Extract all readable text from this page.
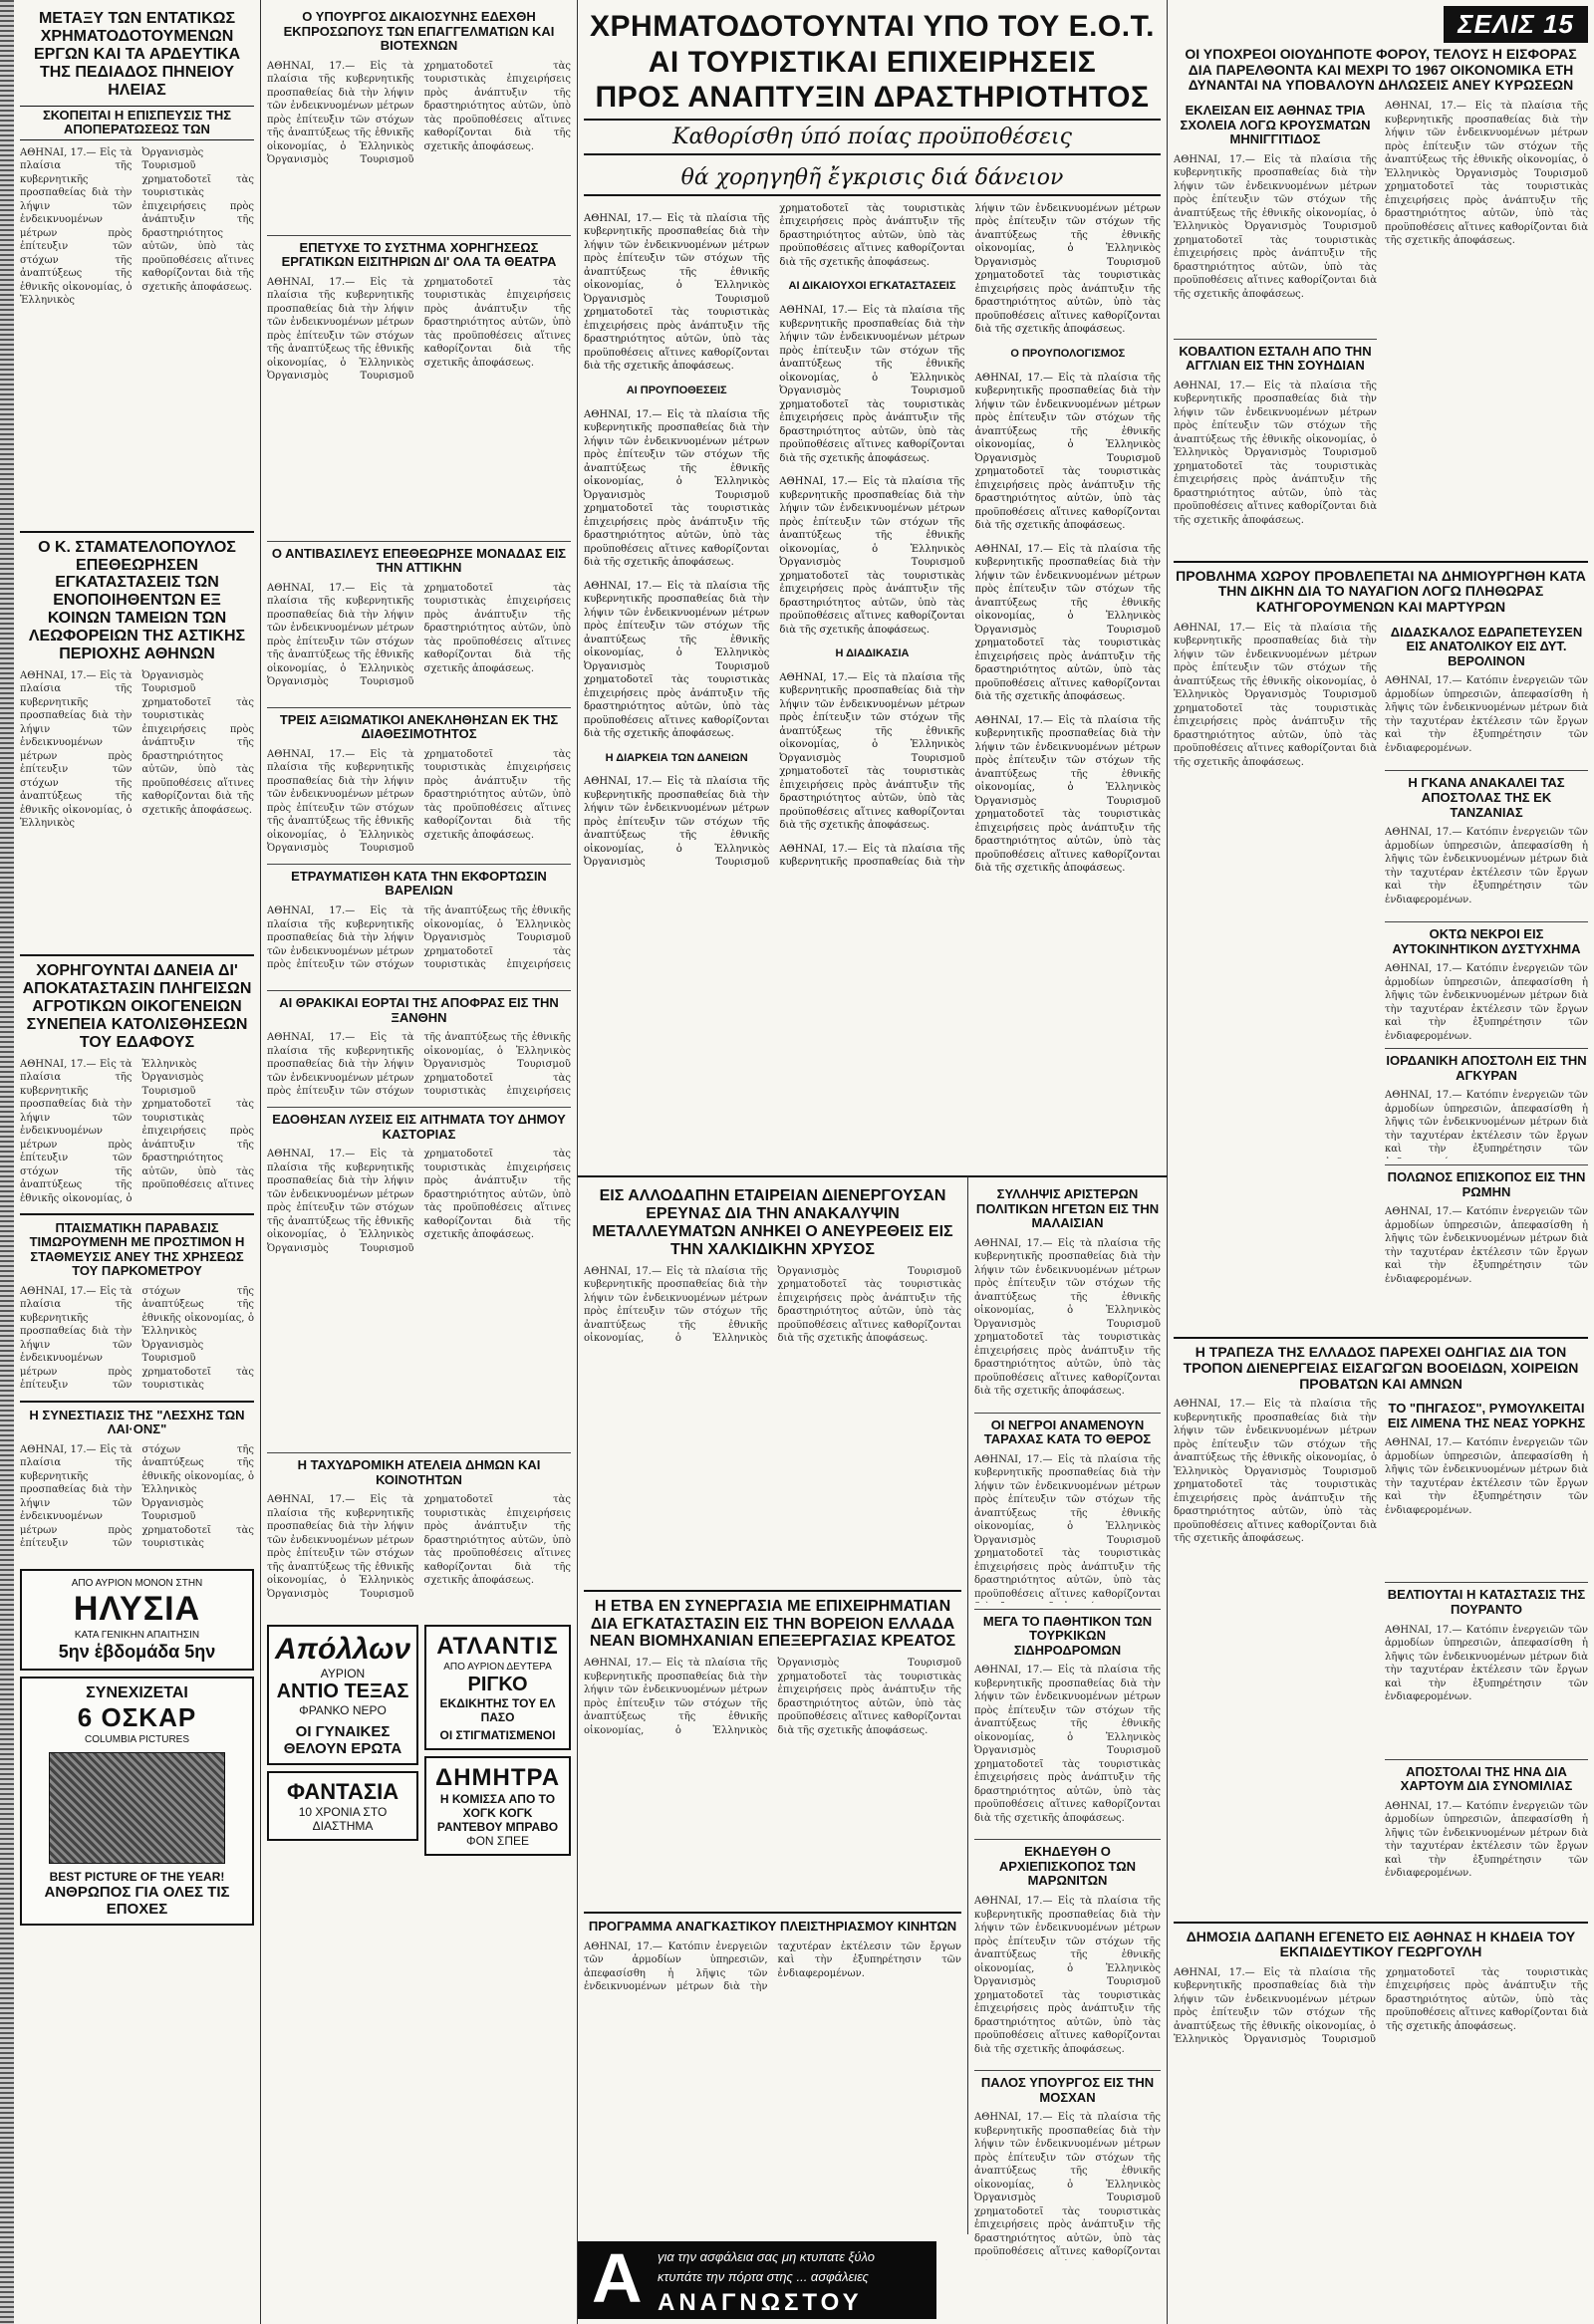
ΜΕΤΑΞΥ ΤΩΝ ΕΝΤΑΤΙΚΩΣ ΧΡΗΜΑΤΟΔΟΤΟΥΜΕΝΩΝ ΕΡΓΩΝ ΚΑΙ ΤΑ ΑΡΔΕΥΤΙΚΑ ΤΗΣ ΠΕΔΙΑΔΟΣ ΠΗΝΕΙΟΥ ΗΛΕΙΑΣ
ΣΚΟΠΕΙΤΑΙ Η ΕΠΙΣΠΕΥΣΙΣ ΤΗΣ ΑΠΟΠΕΡΑΤΩΣΕΩΣ ΤΩΝ

ΑΘΗΝΑΙ, 17.— Εἰς τὰ πλαίσια τῆς κυβερνητικῆς προσπαθείας διὰ τὴν λήψιν τῶν ἐνδεικνυομένων μέτρων πρὸς ἐπίτευξιν τῶν στόχων τῆς ἀναπτύξεως τῆς ἐθνικῆς οἰκονομίας, ὁ Ἑλληνικὸς Ὀργανισμὸς Τουρισμοῦ χρηματοδοτεῖ τὰς τουριστικὰς ἐπιχειρήσεις πρὸς ἀνάπτυξιν τῆς δραστηριότητος αὐτῶν, ὑπὸ τὰς προϋποθέσεις αἵτινες καθορίζονται διὰ τῆς σχετικῆς ἀποφάσεως.

Ο Κ. ΣΤΑΜΑΤΕΛΟΠΟΥΛΟΣ ΕΠΕΘΕΩΡΗΣΕΝ ΕΓΚΑΤΑΣΤΑΣΕΙΣ ΤΩΝ ΕΝΟΠΟΙΗΘΕΝΤΩΝ ΕΞ ΚΟΙΝΩΝ ΤΑΜΕΙΩΝ ΤΩΝ ΛΕΩΦΟΡΕΙΩΝ ΤΗΣ ΑΣΤΙΚΗΣ ΠΕΡΙΟΧΗΣ ΑΘΗΝΩΝ

ΑΘΗΝΑΙ, 17.— Εἰς τὰ πλαίσια τῆς κυβερνητικῆς προσπαθείας διὰ τὴν λήψιν τῶν ἐνδεικνυομένων μέτρων πρὸς ἐπίτευξιν τῶν στόχων τῆς ἀναπτύξεως τῆς ἐθνικῆς οἰκονομίας, ὁ Ἑλληνικὸς Ὀργανισμὸς Τουρισμοῦ χρηματοδοτεῖ τὰς τουριστικὰς ἐπιχειρήσεις πρὸς ἀνάπτυξιν τῆς δραστηριότητος αὐτῶν, ὑπὸ τὰς προϋποθέσεις αἵτινες καθορίζονται διὰ τῆς σχετικῆς ἀποφάσεως.

ΧΟΡΗΓΟΥΝΤΑΙ ΔΑΝΕΙΑ ΔΙ' ΑΠΟΚΑΤΑΣΤΑΣΙΝ ΠΛΗΓΕΙΣΩΝ ΑΓΡΟΤΙΚΩΝ ΟΙΚΟΓΕΝΕΙΩΝ ΣΥΝΕΠΕΙΑ ΚΑΤΟΛΙΣΘΗΣΕΩΝ ΤΟΥ ΕΔΑΦΟΥΣ

ΑΘΗΝΑΙ, 17.— Εἰς τὰ πλαίσια τῆς κυβερνητικῆς προσπαθείας διὰ τὴν λήψιν τῶν ἐνδεικνυομένων μέτρων πρὸς ἐπίτευξιν τῶν στόχων τῆς ἀναπτύξεως τῆς ἐθνικῆς οἰκονομίας, ὁ Ἑλληνικὸς Ὀργανισμὸς Τουρισμοῦ χρηματοδοτεῖ τὰς τουριστικὰς ἐπιχειρήσεις πρὸς ἀνάπτυξιν τῆς δραστηριότητος αὐτῶν, ὑπὸ τὰς προϋποθέσεις αἵτινες

ΠΤΑΙΣΜΑΤΙΚΗ ΠΑΡΑΒΑΣΙΣ ΤΙΜΩΡΟΥΜΕΝΗ ΜΕ ΠΡΟΣΤΙΜΟΝ Η ΣΤΑΘΜΕΥΣΙΣ ΑΝΕΥ ΤΗΣ ΧΡΗΣΕΩΣ ΤΟΥ ΠΑΡΚΟΜΕΤΡΟΥ

ΑΘΗΝΑΙ, 17.— Εἰς τὰ πλαίσια τῆς κυβερνητικῆς προσπαθείας διὰ τὴν λήψιν τῶν ἐνδεικνυομένων μέτρων πρὸς ἐπίτευξιν τῶν στόχων τῆς ἀναπτύξεως τῆς ἐθνικῆς οἰκονομίας, ὁ Ἑλληνικὸς Ὀργανισμὸς Τουρισμοῦ χρηματοδοτεῖ τὰς τουριστικὰς

Η ΣΥΝΕΣΤΙΑΣΙΣ ΤΗΣ "ΛΕΣΧΗΣ ΤΩΝ ΛΑΙ·ΟΝΣ"

ΑΘΗΝΑΙ, 17.— Εἰς τὰ πλαίσια τῆς κυβερνητικῆς προσπαθείας διὰ τὴν λήψιν τῶν ἐνδεικνυομένων μέτρων πρὸς ἐπίτευξιν τῶν στόχων τῆς ἀναπτύξεως τῆς ἐθνικῆς οἰκονομίας, ὁ Ἑλληνικὸς Ὀργανισμὸς Τουρισμοῦ χρηματοδοτεῖ τὰς τουριστικὰς

ΑΠΟ ΑΥΡΙΟΝ ΜΟΝΟΝ ΣΤΗΝ
ΗΛΥΣΙΑ
ΚΑΤΑ ΓΕΝΙΚΗΝ ΑΠΑΙΤΗΣΙΝ
5ην ἑβδομάδα 5ην
ΣΥΝΕΧΙΖΕΤΑΙ
6 ΟΣΚΑΡ
COLUMBIA PICTURES
BEST PICTURE OF THE YEAR!
ΑΝΘΡΩΠΟΣ ΓΙΑ ΟΛΕΣ ΤΙΣ ΕΠΟΧΕΣ
Ο ΥΠΟΥΡΓΟΣ ΔΙΚΑΙΟΣΥΝΗΣ ΕΔΕΧΘΗ ΕΚΠΡΟΣΩΠΟΥΣ ΤΩΝ ΕΠΑΓΓΕΛΜΑΤΙΩΝ ΚΑΙ ΒΙΟΤΕΧΝΩΝ

ΑΘΗΝΑΙ, 17.— Εἰς τὰ πλαίσια τῆς κυβερνητικῆς προσπαθείας διὰ τὴν λήψιν τῶν ἐνδεικνυομένων μέτρων πρὸς ἐπίτευξιν τῶν στόχων τῆς ἀναπτύξεως τῆς ἐθνικῆς οἰκονομίας, ὁ Ἑλληνικὸς Ὀργανισμὸς Τουρισμοῦ χρηματοδοτεῖ τὰς τουριστικὰς ἐπιχειρήσεις πρὸς ἀνάπτυξιν τῆς δραστηριότητος αὐτῶν, ὑπὸ τὰς προϋποθέσεις αἵτινες καθορίζονται διὰ τῆς σχετικῆς ἀποφάσεως.

ΕΠΕΤΥΧΕ ΤΟ ΣΥΣΤΗΜΑ ΧΟΡΗΓΗΣΕΩΣ ΕΡΓΑΤΙΚΩΝ ΕΙΣΙΤΗΡΙΩΝ ΔΙ' ΟΛΑ ΤΑ ΘΕΑΤΡΑ

ΑΘΗΝΑΙ, 17.— Εἰς τὰ πλαίσια τῆς κυβερνητικῆς προσπαθείας διὰ τὴν λήψιν τῶν ἐνδεικνυομένων μέτρων πρὸς ἐπίτευξιν τῶν στόχων τῆς ἀναπτύξεως τῆς ἐθνικῆς οἰκονομίας, ὁ Ἑλληνικὸς Ὀργανισμὸς Τουρισμοῦ χρηματοδοτεῖ τὰς τουριστικὰς ἐπιχειρήσεις πρὸς ἀνάπτυξιν τῆς δραστηριότητος αὐτῶν, ὑπὸ τὰς προϋποθέσεις αἵτινες καθορίζονται διὰ τῆς σχετικῆς ἀποφάσεως.

Ο ΑΝΤΙΒΑΣΙΛΕΥΣ ΕΠΕΘΕΩΡΗΣΕ ΜΟΝΑΔΑΣ ΕΙΣ ΤΗΝ ΑΤΤΙΚΗΝ

ΑΘΗΝΑΙ, 17.— Εἰς τὰ πλαίσια τῆς κυβερνητικῆς προσπαθείας διὰ τὴν λήψιν τῶν ἐνδεικνυομένων μέτρων πρὸς ἐπίτευξιν τῶν στόχων τῆς ἀναπτύξεως τῆς ἐθνικῆς οἰκονομίας, ὁ Ἑλληνικὸς Ὀργανισμὸς Τουρισμοῦ χρηματοδοτεῖ τὰς τουριστικὰς ἐπιχειρήσεις πρὸς ἀνάπτυξιν τῆς δραστηριότητος αὐτῶν, ὑπὸ τὰς προϋποθέσεις αἵτινες καθορίζονται διὰ τῆς σχετικῆς ἀποφάσεως.

ΤΡΕΙΣ ΑΞΙΩΜΑΤΙΚΟΙ ΑΝΕΚΛΗΘΗΣΑΝ ΕΚ ΤΗΣ ΔΙΑΘΕΣΙΜΟΤΗΤΟΣ

ΑΘΗΝΑΙ, 17.— Εἰς τὰ πλαίσια τῆς κυβερνητικῆς προσπαθείας διὰ τὴν λήψιν τῶν ἐνδεικνυομένων μέτρων πρὸς ἐπίτευξιν τῶν στόχων τῆς ἀναπτύξεως τῆς ἐθνικῆς οἰκονομίας, ὁ Ἑλληνικὸς Ὀργανισμὸς Τουρισμοῦ χρηματοδοτεῖ τὰς τουριστικὰς ἐπιχειρήσεις πρὸς ἀνάπτυξιν τῆς δραστηριότητος αὐτῶν, ὑπὸ τὰς προϋποθέσεις αἵτινες καθορίζονται διὰ τῆς σχετικῆς ἀποφάσεως.

ΕΤΡΑΥΜΑΤΙΣΘΗ ΚΑΤΑ ΤΗΝ ΕΚΦΟΡΤΩΣΙΝ ΒΑΡΕΛΙΩΝ

ΑΘΗΝΑΙ, 17.— Εἰς τὰ πλαίσια τῆς κυβερνητικῆς προσπαθείας διὰ τὴν λήψιν τῶν ἐνδεικνυομένων μέτρων πρὸς ἐπίτευξιν τῶν στόχων τῆς ἀναπτύξεως τῆς ἐθνικῆς οἰκονομίας, ὁ Ἑλληνικὸς Ὀργανισμὸς Τουρισμοῦ χρηματοδοτεῖ τὰς τουριστικὰς ἐπιχειρήσεις

ΑΙ ΘΡΑΚΙΚΑΙ ΕΟΡΤΑΙ ΤΗΣ ΑΠΟΦΡΑΣ ΕΙΣ ΤΗΝ ΞΑΝΘΗΝ

ΑΘΗΝΑΙ, 17.— Εἰς τὰ πλαίσια τῆς κυβερνητικῆς προσπαθείας διὰ τὴν λήψιν τῶν ἐνδεικνυομένων μέτρων πρὸς ἐπίτευξιν τῶν στόχων τῆς ἀναπτύξεως τῆς ἐθνικῆς οἰκονομίας, ὁ Ἑλληνικὸς Ὀργανισμὸς Τουρισμοῦ χρηματοδοτεῖ τὰς τουριστικὰς ἐπιχειρήσεις

ΕΔΟΘΗΣΑΝ ΛΥΣΕΙΣ ΕΙΣ ΑΙΤΗΜΑΤΑ ΤΟΥ ΔΗΜΟΥ ΚΑΣΤΟΡΙΑΣ

ΑΘΗΝΑΙ, 17.— Εἰς τὰ πλαίσια τῆς κυβερνητικῆς προσπαθείας διὰ τὴν λήψιν τῶν ἐνδεικνυομένων μέτρων πρὸς ἐπίτευξιν τῶν στόχων τῆς ἀναπτύξεως τῆς ἐθνικῆς οἰκονομίας, ὁ Ἑλληνικὸς Ὀργανισμὸς Τουρισμοῦ χρηματοδοτεῖ τὰς τουριστικὰς ἐπιχειρήσεις πρὸς ἀνάπτυξιν τῆς δραστηριότητος αὐτῶν, ὑπὸ τὰς προϋποθέσεις αἵτινες καθορίζονται διὰ τῆς σχετικῆς ἀποφάσεως.

Η ΤΑΧΥΔΡΟΜΙΚΗ ΑΤΕΛΕΙΑ ΔΗΜΩΝ ΚΑΙ ΚΟΙΝΟΤΗΤΩΝ

ΑΘΗΝΑΙ, 17.— Εἰς τὰ πλαίσια τῆς κυβερνητικῆς προσπαθείας διὰ τὴν λήψιν τῶν ἐνδεικνυομένων μέτρων πρὸς ἐπίτευξιν τῶν στόχων τῆς ἀναπτύξεως τῆς ἐθνικῆς οἰκονομίας, ὁ Ἑλληνικὸς Ὀργανισμὸς Τουρισμοῦ χρηματοδοτεῖ τὰς τουριστικὰς ἐπιχειρήσεις πρὸς ἀνάπτυξιν τῆς δραστηριότητος αὐτῶν, ὑπὸ τὰς προϋποθέσεις αἵτινες καθορίζονται διὰ τῆς σχετικῆς ἀποφάσεως.

Απόλλων
ΑΥΡΙΟΝ
ΑΝΤΙΟ ΤΕΞΑΣ
ΦΡΑΝΚΟ ΝΕΡΟ
ΟΙ ΓΥΝΑΙΚΕΣ ΘΕΛΟΥΝ ΕΡΩΤΑ
ΦΑΝΤΑΣΙΑ
10 ΧΡΟΝΙΑ ΣΤΟ ΔΙΑΣΤΗΜΑ
ΑΤΛΑΝΤΙΣ
ΑΠΟ ΑΥΡΙΟΝ ΔΕΥΤΕΡΑ
ΡΙΓΚΟ
ΕΚΔΙΚΗΤΗΣ ΤΟΥ ΕΛ ΠΑΣΟ
ΟΙ ΣΤΙΓΜΑΤΙΣΜΕΝΟΙ
ΔΗΜΗΤΡΑ
Η ΚΟΜΙΣΣΑ ΑΠΟ ΤΟ ΧΟΓΚ ΚΟΓΚ
ΡΑΝΤΕΒΟΥ ΜΠΡΑΒΟ
ΦΟΝ ΣΠΕΕ
ΧΡΗΜΑΤΟΔΟΤΟΥΝΤΑΙ ΥΠΟ ΤΟΥ Ε.Ο.Τ.
ΑΙ ΤΟΥΡΙΣΤΙΚΑΙ ΕΠΙΧΕΙΡΗΣΕΙΣ
ΠΡΟΣ ΑΝΑΠΤΥΞΙΝ ΔΡΑΣΤΗΡΙΟΤΗΤΟΣ
Καθορίσθη ύπό ποίας προϋποθέσεις
θά χορηγηθῆ ἔγκρισις διά δάνειον

ΑΘΗΝΑΙ, 17.— Εἰς τὰ πλαίσια τῆς κυβερνητικῆς προσπαθείας διὰ τὴν λήψιν τῶν ἐνδεικνυομένων μέτρων πρὸς ἐπίτευξιν τῶν στόχων τῆς ἀναπτύξεως τῆς ἐθνικῆς οἰκονομίας, ὁ Ἑλληνικὸς Ὀργανισμὸς Τουρισμοῦ χρηματοδοτεῖ τὰς τουριστικὰς ἐπιχειρήσεις πρὸς ἀνάπτυξιν τῆς δραστηριότητος αὐτῶν, ὑπὸ τὰς προϋποθέσεις αἵτινες καθορίζονται διὰ τῆς σχετικῆς ἀποφάσεως.

ΑΙ ΠΡΟΥΠΟΘΕΣΕΙΣ

ΑΘΗΝΑΙ, 17.— Εἰς τὰ πλαίσια τῆς κυβερνητικῆς προσπαθείας διὰ τὴν λήψιν τῶν ἐνδεικνυομένων μέτρων πρὸς ἐπίτευξιν τῶν στόχων τῆς ἀναπτύξεως τῆς ἐθνικῆς οἰκονομίας, ὁ Ἑλληνικὸς Ὀργανισμὸς Τουρισμοῦ χρηματοδοτεῖ τὰς τουριστικὰς ἐπιχειρήσεις πρὸς ἀνάπτυξιν τῆς δραστηριότητος αὐτῶν, ὑπὸ τὰς προϋποθέσεις αἵτινες καθορίζονται διὰ τῆς σχετικῆς ἀποφάσεως.

ΑΘΗΝΑΙ, 17.— Εἰς τὰ πλαίσια τῆς κυβερνητικῆς προσπαθείας διὰ τὴν λήψιν τῶν ἐνδεικνυομένων μέτρων πρὸς ἐπίτευξιν τῶν στόχων τῆς ἀναπτύξεως τῆς ἐθνικῆς οἰκονομίας, ὁ Ἑλληνικὸς Ὀργανισμὸς Τουρισμοῦ χρηματοδοτεῖ τὰς τουριστικὰς ἐπιχειρήσεις πρὸς ἀνάπτυξιν τῆς δραστηριότητος αὐτῶν, ὑπὸ τὰς προϋποθέσεις αἵτινες καθορίζονται διὰ τῆς σχετικῆς ἀποφάσεως.

Η ΔΙΑΡΚΕΙΑ ΤΩΝ ΔΑΝΕΙΩΝ

ΑΘΗΝΑΙ, 17.— Εἰς τὰ πλαίσια τῆς κυβερνητικῆς προσπαθείας διὰ τὴν λήψιν τῶν ἐνδεικνυομένων μέτρων πρὸς ἐπίτευξιν τῶν στόχων τῆς ἀναπτύξεως τῆς ἐθνικῆς οἰκονομίας, ὁ Ἑλληνικὸς Ὀργανισμὸς Τουρισμοῦ χρηματοδοτεῖ τὰς τουριστικὰς ἐπιχειρήσεις πρὸς ἀνάπτυξιν τῆς δραστηριότητος αὐτῶν, ὑπὸ τὰς προϋποθέσεις αἵτινες καθορίζονται διὰ τῆς σχετικῆς ἀποφάσεως.

ΑΙ ΔΙΚΑΙΟΥΧΟΙ ΕΓΚΑΤΑΣΤΑΣΕΙΣ

ΑΘΗΝΑΙ, 17.— Εἰς τὰ πλαίσια τῆς κυβερνητικῆς προσπαθείας διὰ τὴν λήψιν τῶν ἐνδεικνυομένων μέτρων πρὸς ἐπίτευξιν τῶν στόχων τῆς ἀναπτύξεως τῆς ἐθνικῆς οἰκονομίας, ὁ Ἑλληνικὸς Ὀργανισμὸς Τουρισμοῦ χρηματοδοτεῖ τὰς τουριστικὰς ἐπιχειρήσεις πρὸς ἀνάπτυξιν τῆς δραστηριότητος αὐτῶν, ὑπὸ τὰς προϋποθέσεις αἵτινες καθορίζονται διὰ τῆς σχετικῆς ἀποφάσεως.

ΑΘΗΝΑΙ, 17.— Εἰς τὰ πλαίσια τῆς κυβερνητικῆς προσπαθείας διὰ τὴν λήψιν τῶν ἐνδεικνυομένων μέτρων πρὸς ἐπίτευξιν τῶν στόχων τῆς ἀναπτύξεως τῆς ἐθνικῆς οἰκονομίας, ὁ Ἑλληνικὸς Ὀργανισμὸς Τουρισμοῦ χρηματοδοτεῖ τὰς τουριστικὰς ἐπιχειρήσεις πρὸς ἀνάπτυξιν τῆς δραστηριότητος αὐτῶν, ὑπὸ τὰς προϋποθέσεις αἵτινες καθορίζονται διὰ τῆς σχετικῆς ἀποφάσεως.

Η ΔΙΑΔΙΚΑΣΙΑ

ΑΘΗΝΑΙ, 17.— Εἰς τὰ πλαίσια τῆς κυβερνητικῆς προσπαθείας διὰ τὴν λήψιν τῶν ἐνδεικνυομένων μέτρων πρὸς ἐπίτευξιν τῶν στόχων τῆς ἀναπτύξεως τῆς ἐθνικῆς οἰκονομίας, ὁ Ἑλληνικὸς Ὀργανισμὸς Τουρισμοῦ χρηματοδοτεῖ τὰς τουριστικὰς ἐπιχειρήσεις πρὸς ἀνάπτυξιν τῆς δραστηριότητος αὐτῶν, ὑπὸ τὰς προϋποθέσεις αἵτινες καθορίζονται διὰ τῆς σχετικῆς ἀποφάσεως.

ΑΘΗΝΑΙ, 17.— Εἰς τὰ πλαίσια τῆς κυβερνητικῆς προσπαθείας διὰ τὴν λήψιν τῶν ἐνδεικνυομένων μέτρων πρὸς ἐπίτευξιν τῶν στόχων τῆς ἀναπτύξεως τῆς ἐθνικῆς οἰκονομίας, ὁ Ἑλληνικὸς Ὀργανισμὸς Τουρισμοῦ χρηματοδοτεῖ τὰς τουριστικὰς ἐπιχειρήσεις πρὸς ἀνάπτυξιν τῆς δραστηριότητος αὐτῶν, ὑπὸ τὰς προϋποθέσεις αἵτινες καθορίζονται διὰ τῆς σχετικῆς ἀποφάσεως.

Ο ΠΡΟΥΠΟΛΟΓΙΣΜΟΣ

ΑΘΗΝΑΙ, 17.— Εἰς τὰ πλαίσια τῆς κυβερνητικῆς προσπαθείας διὰ τὴν λήψιν τῶν ἐνδεικνυομένων μέτρων πρὸς ἐπίτευξιν τῶν στόχων τῆς ἀναπτύξεως τῆς ἐθνικῆς οἰκονομίας, ὁ Ἑλληνικὸς Ὀργανισμὸς Τουρισμοῦ χρηματοδοτεῖ τὰς τουριστικὰς ἐπιχειρήσεις πρὸς ἀνάπτυξιν τῆς δραστηριότητος αὐτῶν, ὑπὸ τὰς προϋποθέσεις αἵτινες καθορίζονται διὰ τῆς σχετικῆς ἀποφάσεως.

ΑΘΗΝΑΙ, 17.— Εἰς τὰ πλαίσια τῆς κυβερνητικῆς προσπαθείας διὰ τὴν λήψιν τῶν ἐνδεικνυομένων μέτρων πρὸς ἐπίτευξιν τῶν στόχων τῆς ἀναπτύξεως τῆς ἐθνικῆς οἰκονομίας, ὁ Ἑλληνικὸς Ὀργανισμὸς Τουρισμοῦ χρηματοδοτεῖ τὰς τουριστικὰς ἐπιχειρήσεις πρὸς ἀνάπτυξιν τῆς δραστηριότητος αὐτῶν, ὑπὸ τὰς προϋποθέσεις αἵτινες καθορίζονται διὰ τῆς σχετικῆς ἀποφάσεως.

ΑΘΗΝΑΙ, 17.— Εἰς τὰ πλαίσια τῆς κυβερνητικῆς προσπαθείας διὰ τὴν λήψιν τῶν ἐνδεικνυομένων μέτρων πρὸς ἐπίτευξιν τῶν στόχων τῆς ἀναπτύξεως τῆς ἐθνικῆς οἰκονομίας, ὁ Ἑλληνικὸς Ὀργανισμὸς Τουρισμοῦ χρηματοδοτεῖ τὰς τουριστικὰς ἐπιχειρήσεις πρὸς ἀνάπτυξιν τῆς δραστηριότητος αὐτῶν, ὑπὸ τὰς προϋποθέσεις αἵτινες καθορίζονται διὰ τῆς σχετικῆς ἀποφάσεως.

ΕΙΣ ΑΛΛΟΔΑΠΗΝ ΕΤΑΙΡΕΙΑΝ ΔΙΕΝΕΡΓΟΥΣΑΝ ΕΡΕΥΝΑΣ ΔΙΑ ΤΗΝ ΑΝΑΚΑΛΥΨΙΝ ΜΕΤΑΛΛΕΥΜΑΤΩΝ ΑΝΗΚΕΙ Ο ΑΝΕΥΡΕΘΕΙΣ ΕΙΣ ΤΗΝ ΧΑΛΚΙΔΙΚΗΝ ΧΡΥΣΟΣ

ΑΘΗΝΑΙ, 17.— Εἰς τὰ πλαίσια τῆς κυβερνητικῆς προσπαθείας διὰ τὴν λήψιν τῶν ἐνδεικνυομένων μέτρων πρὸς ἐπίτευξιν τῶν στόχων τῆς ἀναπτύξεως τῆς ἐθνικῆς οἰκονομίας, ὁ Ἑλληνικὸς Ὀργανισμὸς Τουρισμοῦ χρηματοδοτεῖ τὰς τουριστικὰς ἐπιχειρήσεις πρὸς ἀνάπτυξιν τῆς δραστηριότητος αὐτῶν, ὑπὸ τὰς προϋποθέσεις αἵτινες καθορίζονται διὰ τῆς σχετικῆς ἀποφάσεως.

Η ΕΤΒΑ ΕΝ ΣΥΝΕΡΓΑΣΙΑ ΜΕ ΕΠΙΧΕΙΡΗΜΑΤΙΑΝ ΔΙΑ ΕΓΚΑΤΑΣΤΑΣΙΝ ΕΙΣ ΤΗΝ ΒΟΡΕΙΟΝ ΕΛΛΑΔΑ ΝΕΑΝ ΒΙΟΜΗΧΑΝΙΑΝ ΕΠΕΞΕΡΓΑΣΙΑΣ ΚΡΕΑΤΟΣ

ΑΘΗΝΑΙ, 17.— Εἰς τὰ πλαίσια τῆς κυβερνητικῆς προσπαθείας διὰ τὴν λήψιν τῶν ἐνδεικνυομένων μέτρων πρὸς ἐπίτευξιν τῶν στόχων τῆς ἀναπτύξεως τῆς ἐθνικῆς οἰκονομίας, ὁ Ἑλληνικὸς Ὀργανισμὸς Τουρισμοῦ χρηματοδοτεῖ τὰς τουριστικὰς ἐπιχειρήσεις πρὸς ἀνάπτυξιν τῆς δραστηριότητος αὐτῶν, ὑπὸ τὰς προϋποθέσεις αἵτινες καθορίζονται διὰ τῆς σχετικῆς ἀποφάσεως.

ΠΡΟΓΡΑΜΜΑ ΑΝΑΓΚΑΣΤΙΚΟΥ ΠΛΕΙΣΤΗΡΙΑΣΜΟΥ ΚΙΝΗΤΩΝ

ΑΘΗΝΑΙ, 17.— Κατόπιν ἐνεργειῶν τῶν ἁρμοδίων ὑπηρεσιῶν, ἀπεφασίσθη ἡ λῆψις τῶν ἐνδεικνυομένων μέτρων διὰ τὴν ταχυτέραν ἐκτέλεσιν τῶν ἔργων καὶ τὴν ἐξυπηρέτησιν τῶν ἐνδιαφερομένων.

ΣΥΛΛΗΨΙΣ ΑΡΙΣΤΕΡΩΝ ΠΟΛΙΤΙΚΩΝ ΗΓΕΤΩΝ ΕΙΣ ΤΗΝ ΜΑΛΑΙΣΙΑΝ

ΑΘΗΝΑΙ, 17.— Εἰς τὰ πλαίσια τῆς κυβερνητικῆς προσπαθείας διὰ τὴν λήψιν τῶν ἐνδεικνυομένων μέτρων πρὸς ἐπίτευξιν τῶν στόχων τῆς ἀναπτύξεως τῆς ἐθνικῆς οἰκονομίας, ὁ Ἑλληνικὸς Ὀργανισμὸς Τουρισμοῦ χρηματοδοτεῖ τὰς τουριστικὰς ἐπιχειρήσεις πρὸς ἀνάπτυξιν τῆς δραστηριότητος αὐτῶν, ὑπὸ τὰς προϋποθέσεις αἵτινες καθορίζονται διὰ τῆς σχετικῆς ἀποφάσεως.

ΟΙ ΝΕΓΡΟΙ ΑΝΑΜΕΝΟΥΝ ΤΑΡΑΧΑΣ ΚΑΤΑ ΤΟ ΘΕΡΟΣ

ΑΘΗΝΑΙ, 17.— Εἰς τὰ πλαίσια τῆς κυβερνητικῆς προσπαθείας διὰ τὴν λήψιν τῶν ἐνδεικνυομένων μέτρων πρὸς ἐπίτευξιν τῶν στόχων τῆς ἀναπτύξεως τῆς ἐθνικῆς οἰκονομίας, ὁ Ἑλληνικὸς Ὀργανισμὸς Τουρισμοῦ χρηματοδοτεῖ τὰς τουριστικὰς ἐπιχειρήσεις πρὸς ἀνάπτυξιν τῆς δραστηριότητος αὐτῶν, ὑπὸ τὰς προϋποθέσεις αἵτινες καθορίζονται

ΜΕΓΑ ΤΟ ΠΑΘΗΤΙΚΟΝ ΤΩΝ ΤΟΥΡΚΙΚΩΝ ΣΙΔΗΡΟΔΡΟΜΩΝ

ΑΘΗΝΑΙ, 17.— Εἰς τὰ πλαίσια τῆς κυβερνητικῆς προσπαθείας διὰ τὴν λήψιν τῶν ἐνδεικνυομένων μέτρων πρὸς ἐπίτευξιν τῶν στόχων τῆς ἀναπτύξεως τῆς ἐθνικῆς οἰκονομίας, ὁ Ἑλληνικὸς Ὀργανισμὸς Τουρισμοῦ χρηματοδοτεῖ τὰς τουριστικὰς ἐπιχειρήσεις πρὸς ἀνάπτυξιν τῆς δραστηριότητος αὐτῶν, ὑπὸ τὰς προϋποθέσεις αἵτινες καθορίζονται διὰ τῆς σχετικῆς ἀποφάσεως.

ΕΚΗΔΕΥΘΗ Ο ΑΡΧΙΕΠΙΣΚΟΠΟΣ ΤΩΝ ΜΑΡΩΝΙΤΩΝ

ΑΘΗΝΑΙ, 17.— Εἰς τὰ πλαίσια τῆς κυβερνητικῆς προσπαθείας διὰ τὴν λήψιν τῶν ἐνδεικνυομένων μέτρων πρὸς ἐπίτευξιν τῶν στόχων τῆς ἀναπτύξεως τῆς ἐθνικῆς οἰκονομίας, ὁ Ἑλληνικὸς Ὀργανισμὸς Τουρισμοῦ χρηματοδοτεῖ τὰς τουριστικὰς ἐπιχειρήσεις πρὸς ἀνάπτυξιν τῆς δραστηριότητος αὐτῶν, ὑπὸ τὰς προϋποθέσεις αἵτινες καθορίζονται διὰ τῆς σχετικῆς ἀποφάσεως.

ΠΑΛΟΣ ΥΠΟΥΡΓΟΣ ΕΙΣ ΤΗΝ ΜΟΣΧΑΝ

ΑΘΗΝΑΙ, 17.— Εἰς τὰ πλαίσια τῆς κυβερνητικῆς προσπαθείας διὰ τὴν λήψιν τῶν ἐνδεικνυομένων μέτρων πρὸς ἐπίτευξιν τῶν στόχων τῆς ἀναπτύξεως τῆς ἐθνικῆς οἰκονομίας, ὁ Ἑλληνικὸς Ὀργανισμὸς Τουρισμοῦ χρηματοδοτεῖ τὰς τουριστικὰς ἐπιχειρήσεις πρὸς ἀνάπτυξιν τῆς δραστηριότητος αὐτῶν, ὑπὸ τὰς προϋποθέσεις αἵτινες καθορίζονται

A για την ασφάλεια σας μη κτυπατε ξύλο
κτυπάτε την πόρτα στης ... ασφάλειες
ΑΝΑΓΝΩΣΤΟΥ
ΣΕΛΙΣ 15
ΟΙ ΥΠΟΧΡΕΟΙ ΟΙΟΥΔΗΠΟΤΕ ΦΟΡΟΥ, ΤΕΛΟΥΣ Η ΕΙΣΦΟΡΑΣ ΔΙΑ ΠΑΡΕΛΘΟΝΤΑ ΚΑΙ ΜΕΧΡΙ ΤΟ 1967 ΟΙΚΟΝΟΜΙΚΑ ΕΤΗ ΔΥΝΑΝΤΑΙ ΝΑ ΥΠΟΒΑΛΟΥΝ ΔΗΛΩΣΕΙΣ ΑΝΕΥ ΚΥΡΩΣΕΩΝ
ΕΚΛΕΙΣΑΝ ΕΙΣ ΑΘΗΝΑΣ ΤΡΙΑ ΣΧΟΛΕΙΑ ΛΟΓΩ ΚΡΟΥΣΜΑΤΩΝ ΜΗΝΙΓΓΙΤΙΔΟΣ

ΑΘΗΝΑΙ, 17.— Εἰς τὰ πλαίσια τῆς κυβερνητικῆς προσπαθείας διὰ τὴν λήψιν τῶν ἐνδεικνυομένων μέτρων πρὸς ἐπίτευξιν τῶν στόχων τῆς ἀναπτύξεως τῆς ἐθνικῆς οἰκονομίας, ὁ Ἑλληνικὸς Ὀργανισμὸς Τουρισμοῦ χρηματοδοτεῖ τὰς τουριστικὰς ἐπιχειρήσεις πρὸς ἀνάπτυξιν τῆς δραστηριότητος αὐτῶν, ὑπὸ τὰς προϋποθέσεις αἵτινες καθορίζονται διὰ τῆς σχετικῆς ἀποφάσεως.

ΚΟΒΑΛΤΙΟΝ ΕΣΤΑΛΗ ΑΠΟ ΤΗΝ ΑΓΓΛΙΑΝ ΕΙΣ ΤΗΝ ΣΟΥΗΔΙΑΝ

ΑΘΗΝΑΙ, 17.— Εἰς τὰ πλαίσια τῆς κυβερνητικῆς προσπαθείας διὰ τὴν λήψιν τῶν ἐνδεικνυομένων μέτρων πρὸς ἐπίτευξιν τῶν στόχων τῆς ἀναπτύξεως τῆς ἐθνικῆς οἰκονομίας, ὁ Ἑλληνικὸς Ὀργανισμὸς Τουρισμοῦ χρηματοδοτεῖ τὰς τουριστικὰς ἐπιχειρήσεις πρὸς ἀνάπτυξιν τῆς δραστηριότητος αὐτῶν, ὑπὸ τὰς προϋποθέσεις αἵτινες καθορίζονται διὰ τῆς σχετικῆς ἀποφάσεως.

ΑΘΗΝΑΙ, 17.— Εἰς τὰ πλαίσια τῆς κυβερνητικῆς προσπαθείας διὰ τὴν λήψιν τῶν ἐνδεικνυομένων μέτρων πρὸς ἐπίτευξιν τῶν στόχων τῆς ἀναπτύξεως τῆς ἐθνικῆς οἰκονομίας, ὁ Ἑλληνικὸς Ὀργανισμὸς Τουρισμοῦ χρηματοδοτεῖ τὰς τουριστικὰς ἐπιχειρήσεις πρὸς ἀνάπτυξιν τῆς δραστηριότητος αὐτῶν, ὑπὸ τὰς προϋποθέσεις αἵτινες καθορίζονται διὰ τῆς σχετικῆς ἀποφάσεως.

ΠΡΟΒΛΗΜΑ ΧΩΡΟΥ ΠΡΟΒΛΕΠΕΤΑΙ ΝΑ ΔΗΜΙΟΥΡΓΗΘΗ ΚΑΤΑ ΤΗΝ ΔΙΚΗΝ ΔΙΑ ΤΟ ΝΑΥΑΓΙΟΝ ΛΟΓΩ ΠΛΗΘΩΡΑΣ ΚΑΤΗΓΟΡΟΥΜΕΝΩΝ ΚΑΙ ΜΑΡΤΥΡΩΝ

ΑΘΗΝΑΙ, 17.— Εἰς τὰ πλαίσια τῆς κυβερνητικῆς προσπαθείας διὰ τὴν λήψιν τῶν ἐνδεικνυομένων μέτρων πρὸς ἐπίτευξιν τῶν στόχων τῆς ἀναπτύξεως τῆς ἐθνικῆς οἰκονομίας, ὁ Ἑλληνικὸς Ὀργανισμὸς Τουρισμοῦ χρηματοδοτεῖ τὰς τουριστικὰς ἐπιχειρήσεις πρὸς ἀνάπτυξιν τῆς δραστηριότητος αὐτῶν, ὑπὸ τὰς προϋποθέσεις αἵτινες καθορίζονται διὰ τῆς σχετικῆς ἀποφάσεως.

ΔΙΔΑΣΚΑΛΟΣ ΕΔΡΑΠΕΤΕΥΣΕΝ ΕΙΣ ΑΝΑΤΟΛΙΚΟΥ ΕΙΣ ΔΥΤ. ΒΕΡΟΛΙΝΟΝ

ΑΘΗΝΑΙ, 17.— Κατόπιν ἐνεργειῶν τῶν ἁρμοδίων ὑπηρεσιῶν, ἀπεφασίσθη ἡ λῆψις τῶν ἐνδεικνυομένων μέτρων διὰ τὴν ταχυτέραν ἐκτέλεσιν τῶν ἔργων καὶ τὴν ἐξυπηρέτησιν τῶν ἐνδιαφερομένων.

Η ΓΚΑΝΑ ΑΝΑΚΑΛΕΙ ΤΑΣ ΑΠΟΣΤΟΛΑΣ ΤΗΣ ΕΚ ΤΑΝΖΑΝΙΑΣ

ΑΘΗΝΑΙ, 17.— Κατόπιν ἐνεργειῶν τῶν ἁρμοδίων ὑπηρεσιῶν, ἀπεφασίσθη ἡ λῆψις τῶν ἐνδεικνυομένων μέτρων διὰ τὴν ταχυτέραν ἐκτέλεσιν τῶν ἔργων καὶ τὴν ἐξυπηρέτησιν τῶν ἐνδιαφερομένων.

ΟΚΤΩ ΝΕΚΡΟΙ ΕΙΣ ΑΥΤΟΚΙΝΗΤΙΚΟΝ ΔΥΣΤΥΧΗΜΑ

ΑΘΗΝΑΙ, 17.— Κατόπιν ἐνεργειῶν τῶν ἁρμοδίων ὑπηρεσιῶν, ἀπεφασίσθη ἡ λῆψις τῶν ἐνδεικνυομένων μέτρων διὰ τὴν ταχυτέραν ἐκτέλεσιν τῶν ἔργων καὶ τὴν ἐξυπηρέτησιν τῶν ἐνδιαφερομένων.

ΙΟΡΔΑΝΙΚΗ ΑΠΟΣΤΟΛΗ ΕΙΣ ΤΗΝ ΑΓΚΥΡΑΝ

ΑΘΗΝΑΙ, 17.— Κατόπιν ἐνεργειῶν τῶν ἁρμοδίων ὑπηρεσιῶν, ἀπεφασίσθη ἡ λῆψις τῶν ἐνδεικνυομένων μέτρων διὰ τὴν ταχυτέραν ἐκτέλεσιν τῶν ἔργων καὶ τὴν ἐξυπηρέτησιν τῶν

ΠΟΛΩΝΟΣ ΕΠΙΣΚΟΠΟΣ ΕΙΣ ΤΗΝ ΡΩΜΗΝ

ΑΘΗΝΑΙ, 17.— Κατόπιν ἐνεργειῶν τῶν ἁρμοδίων ὑπηρεσιῶν, ἀπεφασίσθη ἡ λῆψις τῶν ἐνδεικνυομένων μέτρων διὰ τὴν ταχυτέραν ἐκτέλεσιν τῶν ἔργων καὶ τὴν ἐξυπηρέτησιν τῶν ἐνδιαφερομένων.

Η ΤΡΑΠΕΖΑ ΤΗΣ ΕΛΛΑΔΟΣ ΠΑΡΕΧΕΙ ΟΔΗΓΙΑΣ ΔΙΑ ΤΟΝ ΤΡΟΠΟΝ ΔΙΕΝΕΡΓΕΙΑΣ ΕΙΣΑΓΩΓΩΝ ΒΟΟΕΙΔΩΝ, ΧΟΙΡΕΙΩΝ ΠΡΟΒΑΤΩΝ ΚΑΙ ΑΜΝΩΝ

ΑΘΗΝΑΙ, 17.— Εἰς τὰ πλαίσια τῆς κυβερνητικῆς προσπαθείας διὰ τὴν λήψιν τῶν ἐνδεικνυομένων μέτρων πρὸς ἐπίτευξιν τῶν στόχων τῆς ἀναπτύξεως τῆς ἐθνικῆς οἰκονομίας, ὁ Ἑλληνικὸς Ὀργανισμὸς Τουρισμοῦ χρηματοδοτεῖ τὰς τουριστικὰς ἐπιχειρήσεις πρὸς ἀνάπτυξιν τῆς δραστηριότητος αὐτῶν, ὑπὸ τὰς προϋποθέσεις αἵτινες καθορίζονται διὰ τῆς σχετικῆς ἀποφάσεως.

ΤΟ "ΠΗΓΑΣΟΣ", ΡΥΜΟΥΛΚΕΙΤΑΙ ΕΙΣ ΛΙΜΕΝΑ ΤΗΣ ΝΕΑΣ ΥΟΡΚΗΣ

ΑΘΗΝΑΙ, 17.— Κατόπιν ἐνεργειῶν τῶν ἁρμοδίων ὑπηρεσιῶν, ἀπεφασίσθη ἡ λῆψις τῶν ἐνδεικνυομένων μέτρων διὰ τὴν ταχυτέραν ἐκτέλεσιν τῶν ἔργων καὶ τὴν ἐξυπηρέτησιν τῶν ἐνδιαφερομένων.

ΒΕΛΤΙΟΥΤΑΙ Η ΚΑΤΑΣΤΑΣΙΣ ΤΗΣ ΠΟΥΡΑΝΤΟ

ΑΘΗΝΑΙ, 17.— Κατόπιν ἐνεργειῶν τῶν ἁρμοδίων ὑπηρεσιῶν, ἀπεφασίσθη ἡ λῆψις τῶν ἐνδεικνυομένων μέτρων διὰ τὴν ταχυτέραν ἐκτέλεσιν τῶν ἔργων καὶ τὴν ἐξυπηρέτησιν τῶν ἐνδιαφερομένων.

ΑΠΟΣΤΟΛΑΙ ΤΗΣ ΗΝΑ ΔΙΑ ΧΑΡΤΟΥΜ ΔΙΑ ΣΥΝΟΜΙΛΙΑΣ

ΑΘΗΝΑΙ, 17.— Κατόπιν ἐνεργειῶν τῶν ἁρμοδίων ὑπηρεσιῶν, ἀπεφασίσθη ἡ λῆψις τῶν ἐνδεικνυομένων μέτρων διὰ τὴν ταχυτέραν ἐκτέλεσιν τῶν ἔργων καὶ τὴν ἐξυπηρέτησιν τῶν ἐνδιαφερομένων.

ΔΗΜΟΣΙΑ ΔΑΠΑΝΗ ΕΓΕΝΕΤΟ ΕΙΣ ΑΘΗΝΑΣ Η ΚΗΔΕΙΑ ΤΟΥ ΕΚΠΑΙΔΕΥΤΙΚΟΥ ΓΕΩΡΓΟΥΛΗ

ΑΘΗΝΑΙ, 17.— Εἰς τὰ πλαίσια τῆς κυβερνητικῆς προσπαθείας διὰ τὴν λήψιν τῶν ἐνδεικνυομένων μέτρων πρὸς ἐπίτευξιν τῶν στόχων τῆς ἀναπτύξεως τῆς ἐθνικῆς οἰκονομίας, ὁ Ἑλληνικὸς Ὀργανισμὸς Τουρισμοῦ χρηματοδοτεῖ τὰς τουριστικὰς ἐπιχειρήσεις πρὸς ἀνάπτυξιν τῆς δραστηριότητος αὐτῶν, ὑπὸ τὰς προϋποθέσεις αἵτινες καθορίζονται διὰ τῆς σχετικῆς ἀποφάσεως.
